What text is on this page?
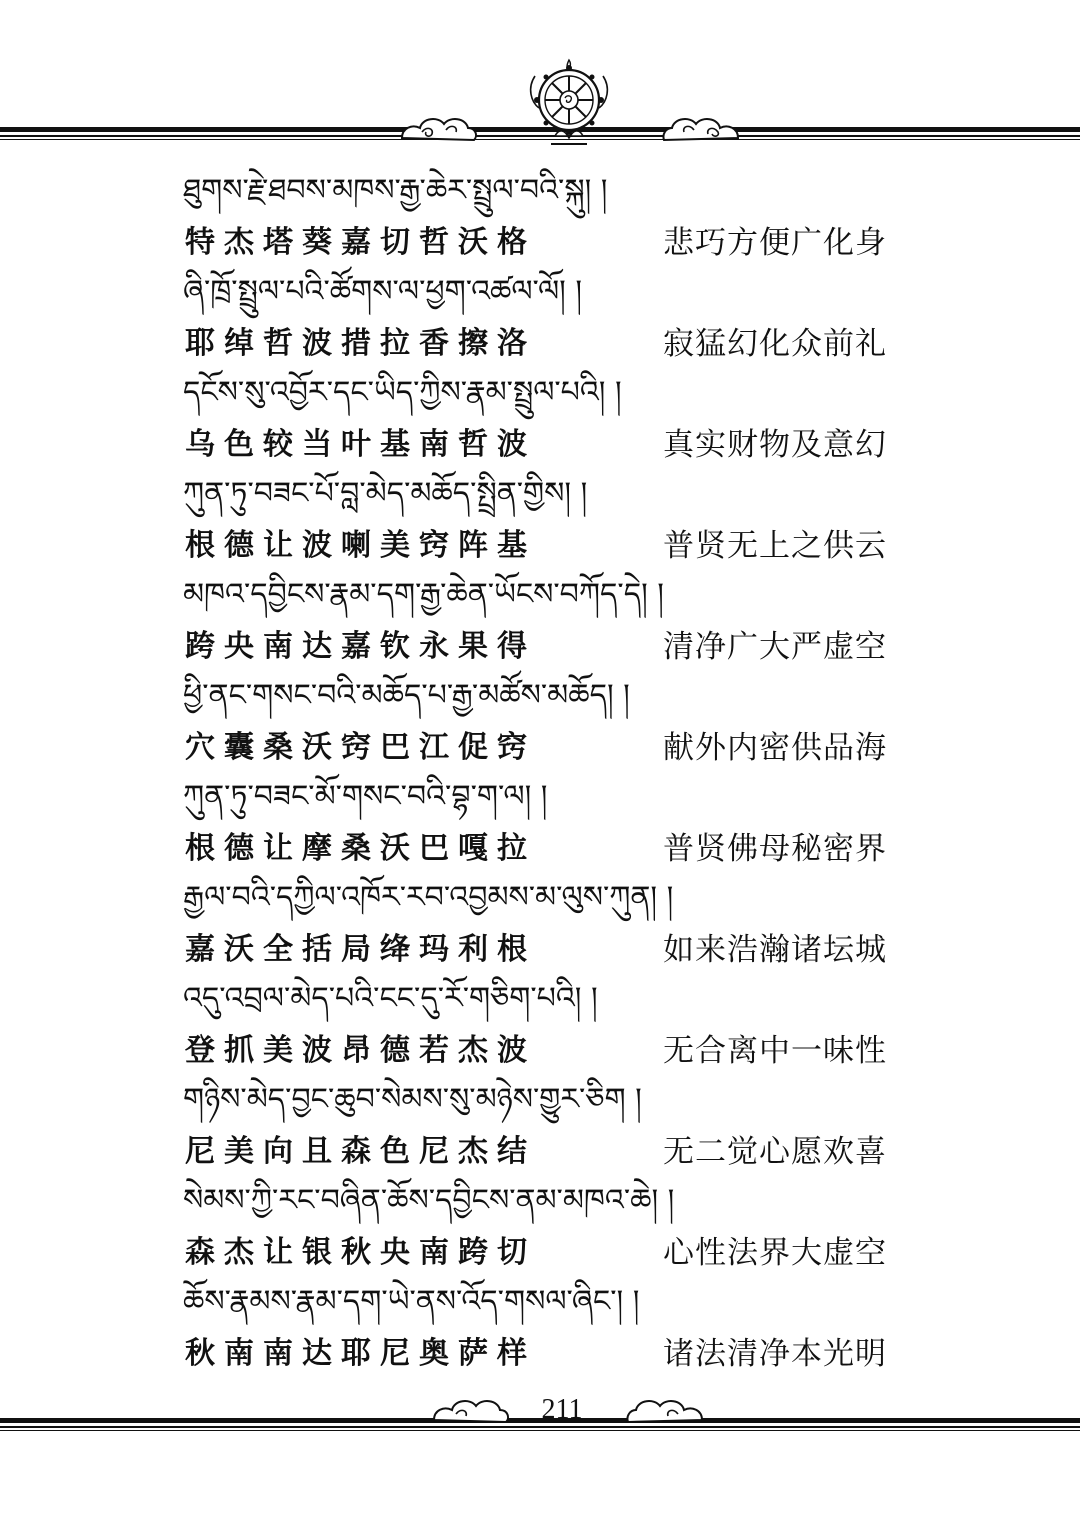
ཐུགས་རྗེ་ཐབས་མཁས་རྒྱ་ཆེར་སྤྲུལ་བའི་སྐུ། །
特杰塔葵嘉切哲沃格	悲巧方便广化身
ཞི་ཁྲོ་སྤྲུལ་པའི་ཚོགས་ལ་ཕྱག་འཚལ་ལོ། །
耶绰哲波措拉香擦洛	寂猛幻化众前礼
དངོས་སུ་འབྱོར་དང་ཡིད་ཀྱིས་རྣམ་སྤྲུལ་པའི། །
乌色较当叶基南哲波	真实财物及意幻
ཀུན་ཏུ་བཟང་པོ་བླ་མེད་མཆོད་སྤྲིན་གྱིས། །
根德让波喇美窍阵基	普贤无上之供云
མཁའ་དབྱིངས་རྣམ་དག་རྒྱ་ཆེན་ཡོངས་བཀོད་དེ། །
跨央南达嘉钦永果得	清净广大严虚空
ཕྱི་ནང་གསང་བའི་མཆོད་པ་རྒྱ་མཚོས་མཆོད། །
穴囊桑沃窍巴江促窍	献外内密供品海
ཀུན་ཏུ་བཟང་མོ་གསང་བའི་བྷ་ག་ལ། །
根德让摩桑沃巴嘎拉	普贤佛母秘密界
རྒྱལ་བའི་དཀྱིལ་འཁོར་རབ་འབྱམས་མ་ལུས་ཀུན། །
嘉沃全括局绛玛利根	如来浩瀚诸坛城
འདུ་འབྲལ་མེད་པའི་ངང་དུ་རོ་གཅིག་པའི། །
登抓美波昂德若杰波	无合离中一味性
གཉིས་མེད་བྱང་ཆུབ་སེམས་སུ་མཉེས་གྱུར་ཅིག །
尼美向且森色尼杰结	无二觉心愿欢喜
སེམས་ཀྱི་རང་བཞིན་ཆོས་དབྱིངས་ནམ་མཁའ་ཆེ། །
森杰让银秋央南跨切	心性法界大虚空
ཆོས་རྣམས་རྣམ་དག་ཡེ་ནས་འོད་གསལ་ཞིང་། །
秋南南达耶尼奥萨样	诸法清净本光明
211
